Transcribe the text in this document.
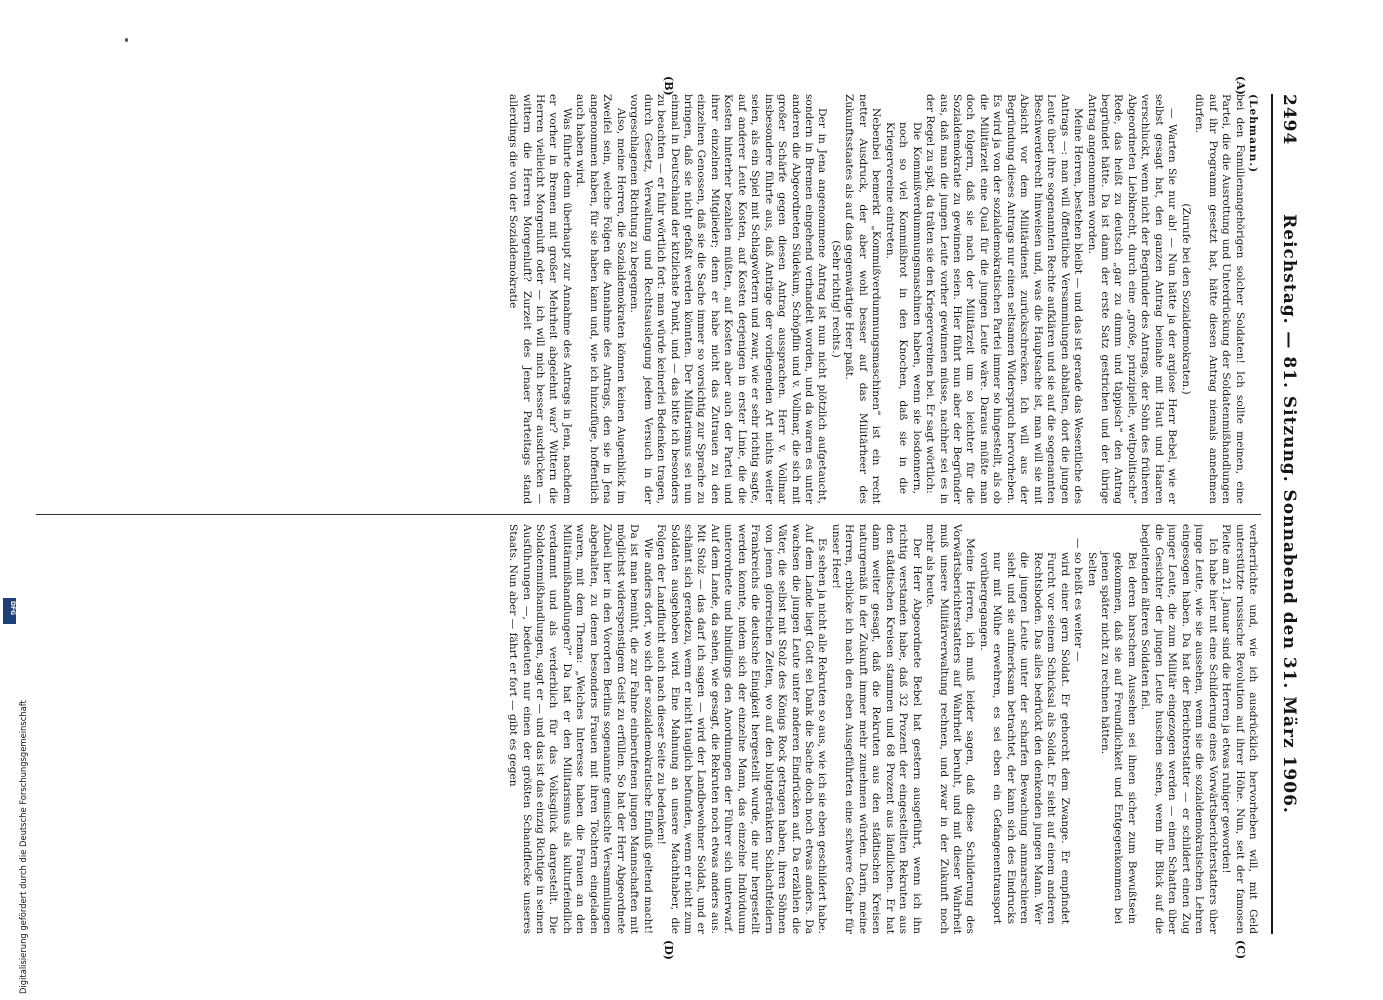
2494
Reichstag. — 81. Sitzung. Sonnabend den 31. März 1906.
(A)
(B)
(C)
(D)

(Lehmann.)

bei den Familienangehörigen solcher Soldaten! Ich sollte meinen, eine Partei, die die Ausrottung und Unterdrückung der Soldatenmißhandlungen auf ihr Programm gesetzt hat, hätte diesen Antrag niemals annehmen dürfen.

(Zurufe bei den Sozialdemokraten.)

— Warten Sie nur ab! — Nun hätte ja der arglose Herr Bebel, wie er selbst gesagt hat, den ganzen Antrag beinahe mit Haut und Haaren verschluckt, wenn nicht der Begründer des Antrags, der Sohn des früheren Abgeordneten Liebknecht, durch eine „große, prinzipielle, weltpolitische“ Rede, das heißt zu deutsch „gar zu dumm und täppisch“ den Antrag begründet hätte. Da ist dann der erste Satz gestrichen und der übrige Antrag angenommen worden.

Meine Herren, bestehen bleibt — und das ist gerade das Wesentliche des Antrags —: man will öffentliche Versammlungen abhalten, dort die jungen Leute über ihre sogenannten Rechte aufklären und sie auf die sogenannten Beschwerderecht hinweisen und, was die Hauptsache ist, man will sie mit Absicht vor dem Militärdienst zurückschrecken. Ich will aus der Begründung dieses Antrags nur einen seltsamen Widerspruch hervorheben. Es wird ja von der sozialdemokratischen Partei immer so hingestellt, als ob die Militärzeit eine Qual für die jungen Leute wäre. Daraus müßte man doch folgern, daß sie nach der Militärzeit um so leichter für die Sozialdemokratie zu gewinnen seien. Hier führt nun aber der Begründer aus, daß man die jungen Leute vorher gewinnen müsse, nachher sei es in der Regel zu spät, da träten sie den Kriegervereinen bei. Er sagt wörtlich:

Die Kommißverdummungsmaschinen haben, wenn sie losdonnern, noch so viel Kommißbrot in den Knochen, daß sie in die Kriegervereine eintreten.

Nebenbei bemerkt „Kommißverdummungsmaschinen“ ist ein recht netter Ausdruck, der aber wohl besser auf das Militärheer des Zukunftsstaates als auf das gegenwärtige Heer paßt.

(Sehr richtig! rechts.)

Der in Jena angenommene Antrag ist nun nicht plötzlich aufgetaucht, sondern in Bremen eingehend verhandelt worden, und da waren es unter anderen die Abgeordneten Südekum, Schöpflin und v. Vollmar, die sich mit großer Schärfe gegen diesen Antrag aussprachen. Herr v. Vollmar insbesondere führte aus, daß Anträge der vorliegenden Art nichts weiter seien, als ein Spiel mit Schlagwörtern und zwar, wie er sehr richtig sagte, auf anderer Leute Kosten, auf Kosten derjenigen in erster Linie, die die Kosten hinterher bezahlen müßten, auf Kosten aber auch der Partei und ihrer einzelnen Mitglieder; denn er habe nicht das Zutrauen zu den einzelnen Genossen, daß sie die Sache immer so vorsichtig zur Sprache zu bringen, daß sie nicht gefaßt werden könnten. Der Militarismus sei nun einmal in Deutschland der kitzlichste Punkt, und — das bitte ich besonders zu beachten — er fuhr wörtlich fort: man würde keinerlei Bedenken tragen, durch Gesetz, Verwaltung und Rechtsauslegung jedem Versuch in der vorgeschlagenen Richtung zu begegnen.

Also, meine Herren, die Sozialdemokraten können keinen Augenblick im Zweifel sein, welche Folgen die Annahme des Antrags, den sie in Jena angenommen haben, für sie haben kann und, wie ich hinzufüge, hoffentlich auch haben wird.

Was führte denn überhaupt zur Annahme des Antrags in Jena, nachdem er vorher in Bremen mit großer Mehrheit abgelehnt war? Wittern die Herren vielleicht Morgenluft oder — ich will mich besser ausdrücken — wittern die Herren Morgenluft? Zurzeit des Jenaer Parteitags stand allerdings die von der Sozialdemokratie

verherrlichte und, wie ich ausdrücklich hervorheben will, mit Geld unterstützte russische Revolution auf ihrer Höhe. Nun, seit der famosen Pleite am 21. Januar sind die Herren ja etwas ruhiger geworden!

Ich habe hier mit eine Schilderung eines Vorwärtsberichterstatters über junge Leute, wie sie aussehen, wenn sie die sozialdemokratischen Lehren eingesogen haben. Da hat der Berichterstatter — er schildert einen Zug junger Leute, die zum Militär eingezogen werden — einen Schatten über die Gesichter der jungen Leute huschen sehen, wenn ihr Blick auf die begleitenden älteren Soldaten fiel.

Bei deren barschem Aussehen sei ihnen sicher zum Bewußtsein gekommen, daß sie auf Freundlichkeit und Entgegenkommen bei jenen später nicht zu rechnen hätten.

Selten

— so heißt es weiter —

wird einer gern Soldat. Er gehorcht dem Zwange. Er empfindet Furcht vor seinem Schicksal als Soldat. Er sieht auf einem anderen Rechtsboden. Das alles bedrückt den denkenden jungen Mann. Wer die jungen Leute unter der scharfen Bewachung anmarschieren sieht und sie aufmerksam betrachtet, der kann sich des Eindrucks nur mit Mühe erwehren, es sei eben ein Gefangenentransport vorübergegangen.

Meine Herren, ich muß leider sagen, daß diese Schilderung des Vorwärtsberichterstatters auf Wahrheit beruht, und mit dieser Wahrheit muß unsere Militärverwaltung rechnen, und zwar in der Zukunft noch mehr als heute.

Der Herr Abgeordnete Bebel hat gestern ausgeführt, wenn ich ihn richtig verstanden habe, daß 32 Prozent der eingestellten Rekruten aus den städtischen Kreisen stammen und 68 Prozent aus ländlichen. Er hat dann weiter gesagt, daß die Rekruten aus den städtischen Kreisen naturgemäß in der Zukunft immer mehr zunehmen würden. Darin, meine Herren, erblicke ich nach den eben Ausgeführten eine schwere Gefahr für unser Heer!

Es sehen ja nicht alle Rekruten so aus, wie ich sie eben geschildert habe. Auf dem Lande liegt Gott sei Dank die Sache doch noch etwas anders. Da wachsen die jungen Leute unter anderen Eindrücken auf. Da erzählen die Väter, die selbst mit Stolz des Königs Rock getragen haben, ihren Söhnen von jenen glorreichen Zeiten, wo auf den blutgetränkten Schlachtfeldern Frankreichs die deutsche Einigkeit hergestellt wurde, die nur hergestellt werden konnte, indem sich der einzelne Mann, das einzelne Individuum unterordnete und blindlings den Anordnungen der Führer sich unterwarf. Auf dem Lande, da sehen, wie gesagt, die Rekruten noch etwas anders aus. Mit Stolz — das darf ich sagen — wird der Landbewohner Soldat, und er schämt sich geradezu, wenn er nicht tauglich befunden, wenn er nicht zum Soldaten ausgehoben wird. Eine Mahnung an unsere Machthaber, die Folgen der Landflucht auch nach dieser Seite zu bedenken!

Wie anders dort, wo sich der sozialdemokratische Einfluß geltend macht! Da ist man bemüht, die zur Fahne einberufenen jungen Mannschaften mit möglichst widerspenstigem Geist zu erfüllen. So hat der Herr Abgeordnete Zubeil hier in den Vororten Berlins sogenannte gemischte Versammlungen abgehalten, zu denen besonders Frauen mit ihren Töchtern eingeladen waren, mit dem Thema: „Welches Interesse haben die Frauen an den Militärmißhandlungen?“ Da hat er den Militarismus als kulturfeindlich verdammt und als verderblich für das Volksglück dargestellt. Die Soldatenmißhandlungen, sagt er — und das ist das einzig Richtige in seinen Ausführungen —, bedeuten nur einen der größten Schandflecke unseres Staats. Nun aber — fährt er fort — gibt es gegen

Digitalisierung gefördert durch die Deutsche Forschungsgemeinschaft
DFG
